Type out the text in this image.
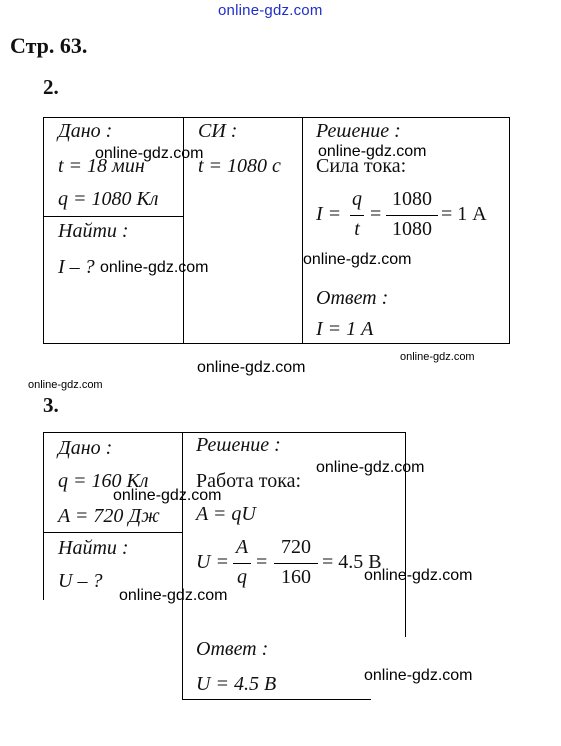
online-gdz.com
Стр. 63.
2.
Дано :
t = 18 мин
q = 1080 Кл
Найти :
I – ?
СИ :
t = 1080 c
Решение :
Сила тока:
I =
q
t
=
1080
1080
= 1 А
Ответ :
I = 1 А
online-gdz.com	online-gdz.com
online-gdz.com	online-gdz.com
online-gdz.com
online-gdz.com
online-gdz.com
3.
Дано :
q = 160 Кл
A = 720 Дж
Найти :
U – ?
Решение :
Работа тока:
A = qU
U =
A
q
=
720
160
= 4.5 В
Ответ :
U = 4.5 В
online-gdz.com
online-gdz.com
online-gdz.com
online-gdz.com
online-gdz.com
